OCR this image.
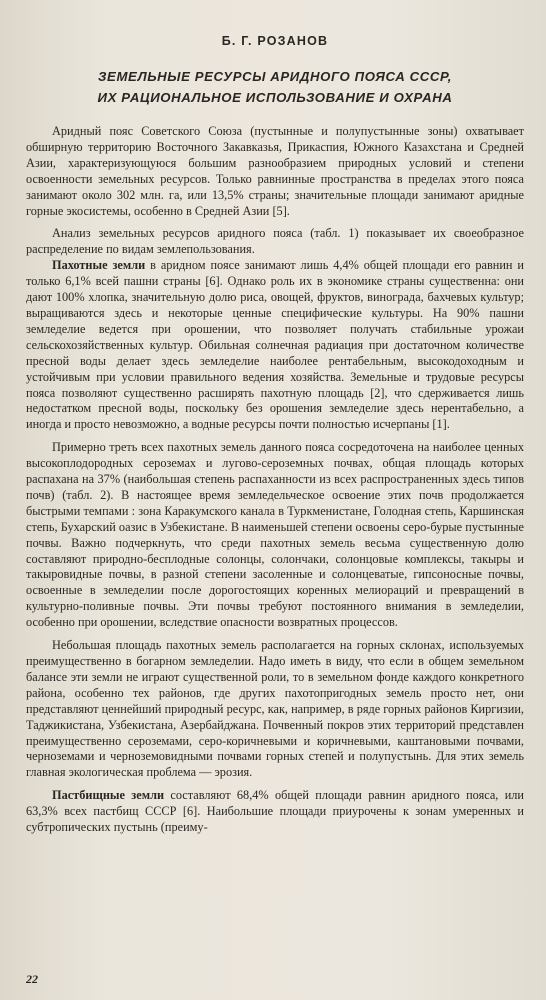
Б. Г. РОЗАНОВ
ЗЕМЕЛЬНЫЕ РЕСУРСЫ АРИДНОГО ПОЯСА СССР,
ИХ РАЦИОНАЛЬНОЕ ИСПОЛЬЗОВАНИЕ И ОХРАНА

Аридный пояс Советского Союза (пустынные и полупустынные зоны) охватывает обширную территорию Восточного Закавказья, Прикаспия, Южного Казахстана и Средней Азии, характеризующуюся большим разнообразием природных условий и степени освоенности земельных ресурсов. Только равнинные пространства в пределах этого пояса занимают около 302 млн. га, или 13,5% страны; значительные площади занимают аридные горные экосистемы, особенно в Средней Азии [5].

Анализ земельных ресурсов аридного пояса (табл. 1) показывает их своеобразное распределение по видам землепользования.

Пахотные земли в аридном поясе занимают лишь 4,4% общей площади его равнин и только 6,1% всей пашни страны [6]. Однако роль их в экономике страны существенна: они дают 100% хлопка, значительную долю риса, овощей, фруктов, винограда, бахчевых культур; выращиваются здесь и некоторые ценные специфические культуры. На 90% пашни земледелие ведется при орошении, что позволяет получать стабильные урожаи сельскохозяйственных культур. Обильная солнечная радиация при достаточном количестве пресной воды делает здесь земледелие наиболее рентабельным, высокодоходным и устойчивым при условии правильного ведения хозяйства. Земельные и трудовые ресурсы пояса позволяют существенно расширять пахотную площадь [2], что сдерживается лишь недостатком пресной воды, поскольку без орошения земледелие здесь нерентабельно, а иногда и просто невозможно, а водные ресурсы почти полностью исчерпаны [1].

Примерно треть всех пахотных земель данного пояса сосредоточена на наиболее ценных высокоплодородных сероземах и лугово-сероземных почвах, общая площадь которых распахана на 37% (наибольшая степень распаханности из всех распространенных здесь типов почв) (табл. 2). В настоящее время земледельческое освоение этих почв продолжается быстрыми темпами : зона Каракумского канала в Туркменистане, Голодная степь, Каршинская степь, Бухарский оазис в Узбекистане. В наименьшей степени освоены серо-бурые пустынные почвы. Важно подчеркнуть, что среди пахотных земель весьма существенную долю составляют природно-бесплодные солонцы, солончаки, солонцовые комплексы, такыры и такыровидные почвы, в разной степени засоленные и солонцеватые, гипсоносные почвы, освоенные в земледелии после дорогостоящих коренных мелиораций и превращений в культурно-поливные почвы. Эти почвы требуют постоянного внимания в земледелии, особенно при орошении, вследствие опасности возвратных процессов.

Небольшая площадь пахотных земель располагается на горных склонах, используемых преимущественно в богарном земледелии. Надо иметь в виду, что если в общем земельном балансе эти земли не играют существенной роли, то в земельном фонде каждого конкретного района, особенно тех районов, где других пахотопригодных земель просто нет, они представляют ценнейший природный ресурс, как, например, в ряде горных районов Киргизии, Таджикистана, Узбекистана, Азербайджана. Почвенный покров этих территорий представлен преимущественно сероземами, серо-коричневыми и коричневыми, каштановыми почвами, черноземами и черноземовидными почвами горных степей и полупустынь. Для этих земель главная экологическая проблема — эрозия.

Пастбищные земли составляют 68,4% общей площади равнин аридного пояса, или 63,3% всех пастбищ СССР [6]. Наибольшие площади приурочены к зонам умеренных и субтропических пустынь (преиму-

22
